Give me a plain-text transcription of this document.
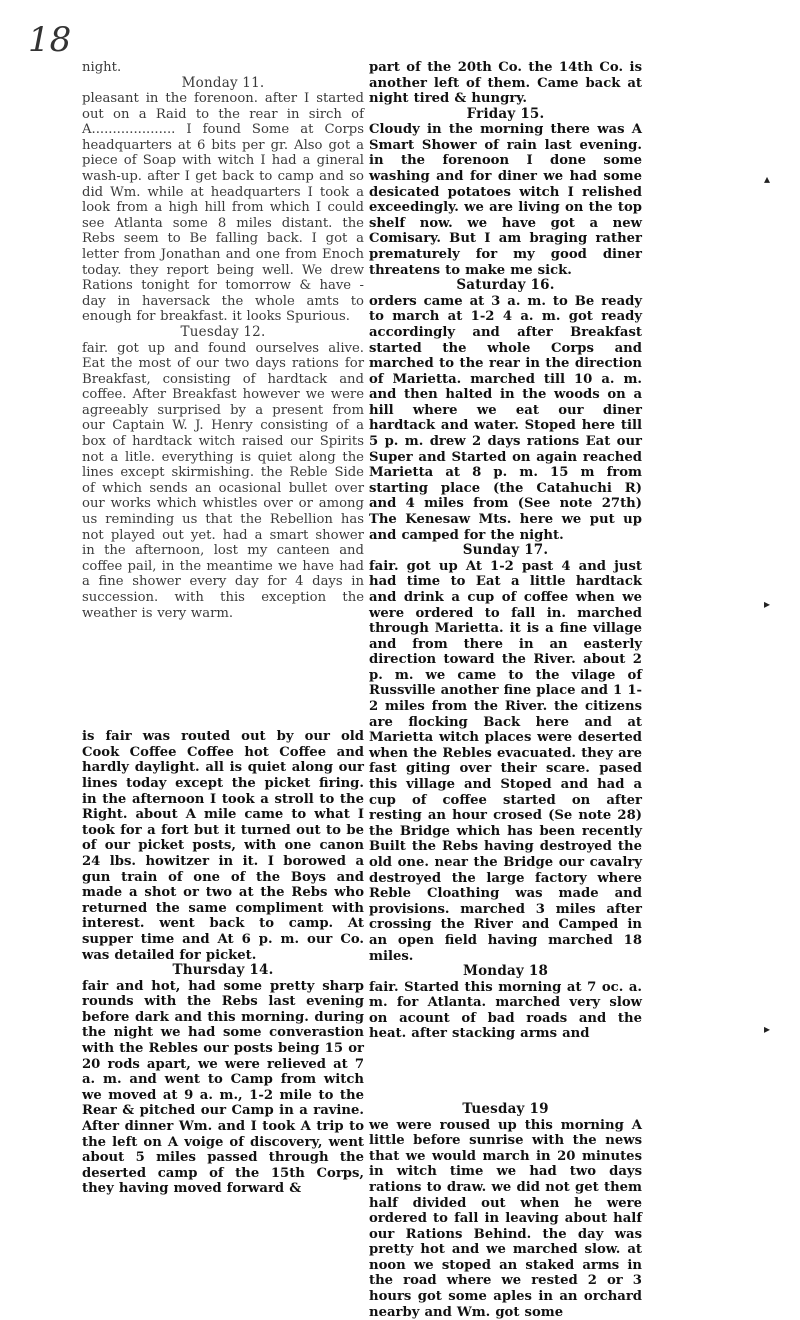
18

night.

Monday 11.

pleasant in the forenoon. after I started out on a Raid to the rear in sirch of A.................... I found Some at Corps headquarters at 6 bits per gr. Also got a piece of Soap with witch I had a gineral wash-up. after I get back to camp and so did Wm. while at headquarters I took a look from a high hill from which I could see Atlanta some 8 miles distant. the Rebs seem to Be falling back. I got a letter from Jonathan and one from Enoch today. they report being well. We drew Rations tonight for tomorrow & have - day in haversack the whole amts to enough for breakfast. it looks Spurious.

Tuesday 12.

fair. got up and found ourselves alive. Eat the most of our two days rations for Breakfast, consisting of hardtack and coffee. After Breakfast however we were agreeably surprised by a present from our Captain W. J. Henry consisting of a box of hardtack witch raised our Spirits not a litle. everything is quiet along the lines except skirmishing. the Reble Side of which sends an ocasional bullet over our works which whistles over or among us reminding us that the Rebellion has not played out yet. had a smart shower in the afternoon, lost my canteen and coffee pail, in the meantime we have had a fine shower every day for 4 days in succession. with this exception the weather is very warm.

is fair was routed out by our old Cook Coffee Coffee hot Coffee and hardly daylight. all is quiet along our lines today except the picket firing. in the afternoon I took a stroll to the Right. about A mile came to what I took for a fort but it turned out to be of our picket posts, with one canon 24 lbs. howitzer in it. I borowed a gun train of one of the Boys and made a shot or two at the Rebs who returned the same compliment with interest. went back to camp. At supper time and At 6 p. m. our Co. was detailed for picket.

Thursday 14.

fair and hot, had some pretty sharp rounds with the Rebs last evening before dark and this morning. during the night we had some converastion with the Rebles our posts being 15 or 20 rods apart, we were relieved at 7 a. m. and went to Camp from witch we moved at 9 a. m., 1-2 mile to the Rear & pitched our Camp in a ravine. After dinner Wm. and I took A trip to the left on A voige of discovery, went about 5 miles passed through the deserted camp of the 15th Corps, they having moved forward &

part of the 20th Co. the 14th Co. is another left of them. Came back at night tired & hungry.

Friday 15.

Cloudy in the morning there was A Smart Shower of rain last evening. in the forenoon I done some washing and for diner we had some desicated potatoes witch I relished exceedingly. we are living on the top shelf now. we have got a new Comisary. But I am braging rather prematurely for my good diner threatens to make me sick.

Saturday 16.

orders came at 3 a. m. to Be ready to march at 1-2 4 a. m. got ready accordingly and after Breakfast started the whole Corps and marched to the rear in the direction of Marietta. marched till 10 a. m. and then halted in the woods on a hill where we eat our diner hardtack and water. Stoped here till 5 p. m. drew 2 days rations Eat our Super and Started on again reached Marietta at 8 p. m. 15 m from starting place (the Catahuchi R) and 4 miles from (See note 27th) The Kenesaw Mts. here we put up and camped for the night.

Sunday 17.

fair. got up At 1-2 past 4 and just had time to Eat a little hardtack and drink a cup of coffee when we were ordered to fall in. marched through Marietta. it is a fine village and from there in an easterly direction toward the River. about 2 p. m. we came to the vilage of Russville another fine place and 1 1-2 miles from the River. the citizens are flocking Back here and at Marietta witch places were deserted when the Rebles evacuated. they are fast giting over their scare. pased this village and Stoped and had a cup of coffee started on after resting an hour crosed (Se note 28) the Bridge which has been recently Built the Rebs having destroyed the old one. near the Bridge our cavalry destroyed the large factory where Reble Cloathing was made and provisions. marched 3 miles after crossing the River and Camped in an open field having marched 18 miles.

Monday 18

fair. Started this morning at 7 oc. a. m. for Atlanta. marched very slow on acount of bad roads and the heat. after stacking arms and

Tuesday 19

we were roused up this morning A little before sunrise with the news that we would march in 20 minutes in witch time we had two days rations to draw. we did not get them half divided out when he were ordered to fall in leaving about half our Rations Behind. the day was pretty hot and we marched slow. at noon we stoped an staked arms in the road where we rested 2 or 3 hours got some aples in an orchard nearby and Wm. got some

▴
▸
▸
